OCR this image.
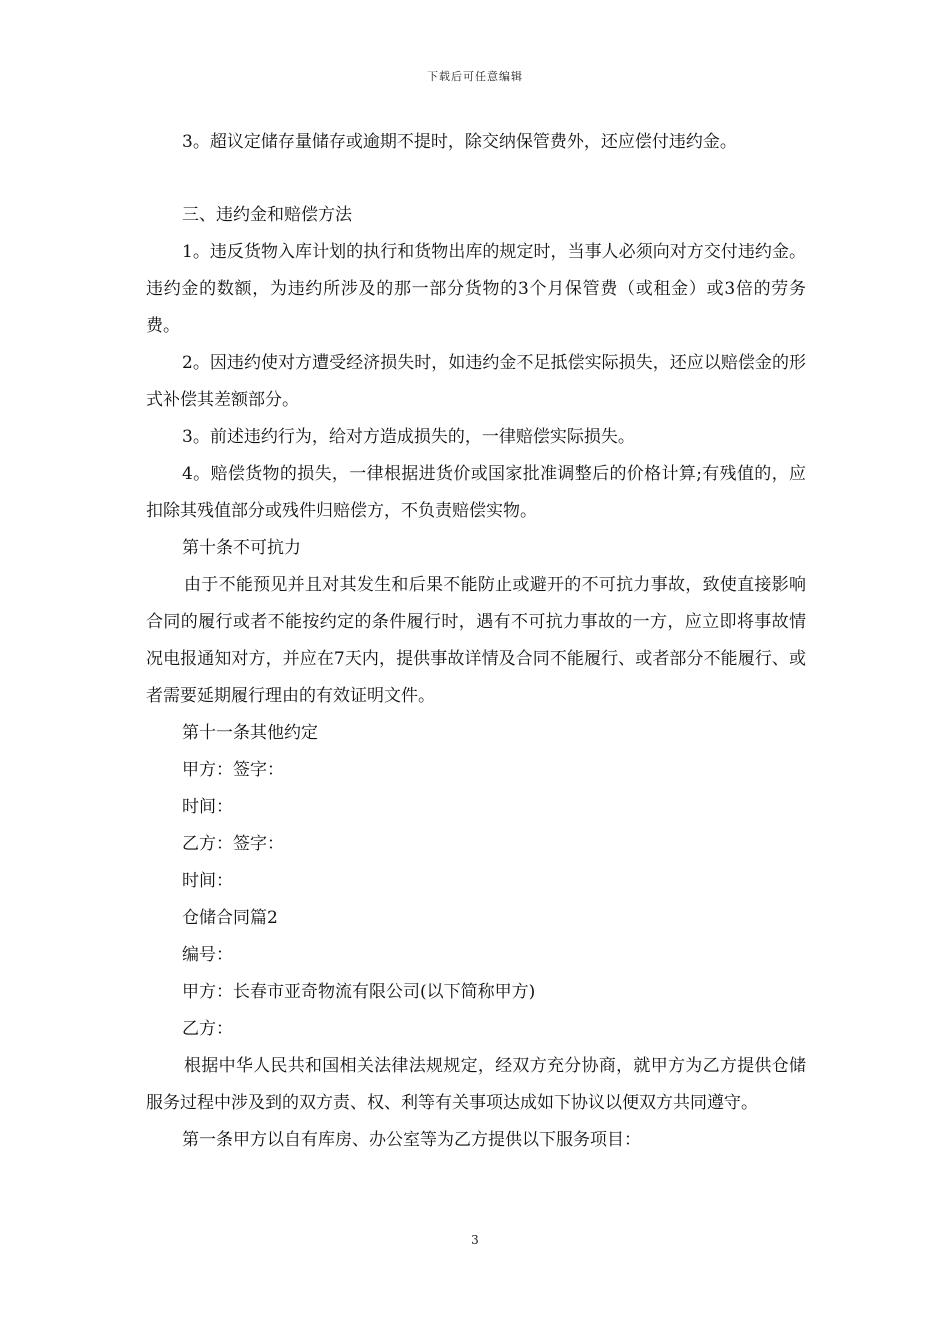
下载后可任意编辑

3。超议定储存量储存或逾期不提时，除交纳保管费外，还应偿付违约金。

三、违约金和赔偿方法

1。违反货物入库计划的执行和货物出库的规定时，当事人必须向对方交付违约金。违约金的数额，为违约所涉及的那一部分货物的3个月保管费（或租金）或3倍的劳务费。

2。因违约使对方遭受经济损失时，如违约金不足抵偿实际损失，还应以赔偿金的形式补偿其差额部分。

3。前述违约行为，给对方造成损失的，一律赔偿实际损失。

4。赔偿货物的损失，一律根据进货价或国家批准调整后的价格计算;有残值的，应扣除其残值部分或残件归赔偿方，不负责赔偿实物。

第十条不可抗力

由于不能预见并且对其发生和后果不能防止或避开的不可抗力事故，致使直接影响合同的履行或者不能按约定的条件履行时，遇有不可抗力事故的一方，应立即将事故情况电报通知对方，并应在7天内，提供事故详情及合同不能履行、或者部分不能履行、或者需要延期履行理由的有效证明文件。

第十一条其他约定

甲方：签字：

时间：

乙方：签字：

时间：

仓储合同篇2

编号：

甲方：长春市亚奇物流有限公司(以下简称甲方)

乙方：

根据中华人民共和国相关法律法规规定，经双方充分协商，就甲方为乙方提供仓储服务过程中涉及到的双方责、权、利等有关事项达成如下协议以便双方共同遵守。

第一条甲方以自有库房、办公室等为乙方提供以下服务项目：

3
